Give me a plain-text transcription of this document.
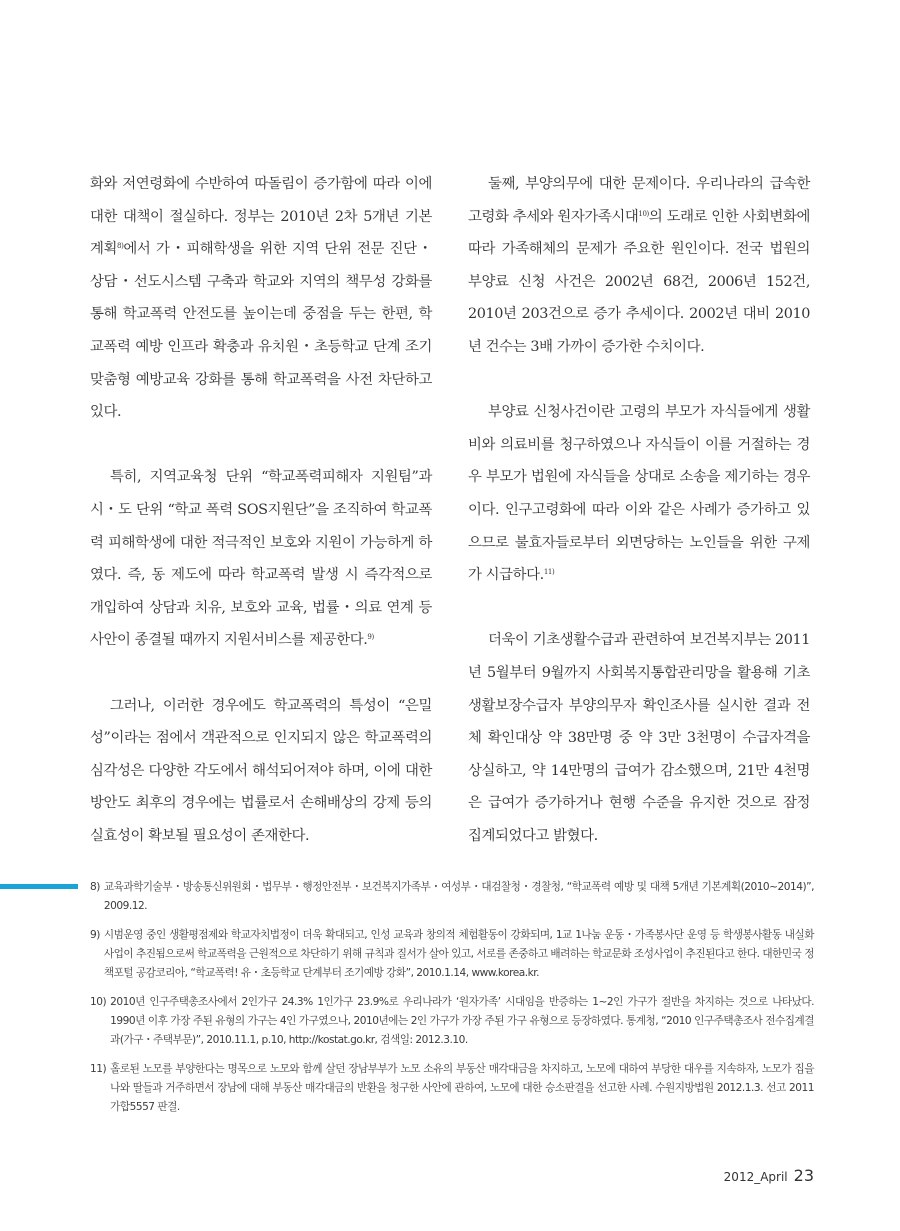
화와 저연령화에 수반하여 따돌림이 증가함에 따라 이에 대한 대책이 절실하다. 정부는 2010년 2차 5개년 기본계획$^{8)}$에서 가・피해학생을 위한 지역 단위 전문 진단・상담・선도시스템 구축과 학교와 지역의 책무성 강화를 통해 학교폭력 안전도를 높이는데 중점을 두는 한편, 학교폭력 예방 인프라 확충과 유치원・초등학교 단계 조기 맞춤형 예방교육 강화를 통해 학교폭력을 사전 차단하고 있다.

특히, 지역교육청 단위 “학교폭력피해자 지원팀”과 시・도 단위 “학교 폭력 SOS지원단”을 조직하여 학교폭력 피해학생에 대한 적극적인 보호와 지원이 가능하게 하였다. 즉, 동 제도에 따라 학교폭력 발생 시 즉각적으로 개입하여 상담과 치유, 보호와 교육, 법률・의료 연계 등 사안이 종결될 때까지 지원서비스를 제공한다.$^{9)}$

그러나, 이러한 경우에도 학교폭력의 특성이 “은밀성”이라는 점에서 객관적으로 인지되지 않은 학교폭력의 심각성은 다양한 각도에서 해석되어져야 하며, 이에 대한 방안도 최후의 경우에는 법률로서 손해배상의 강제 등의 실효성이 확보될 필요성이 존재한다.

둘째, 부양의무에 대한 문제이다. 우리나라의 급속한 고령화 추세와 원자가족시대$^{10)}$의 도래로 인한 사회변화에 따라 가족해체의 문제가 주요한 원인이다. 전국 법원의 부양료 신청 사건은 2002년 68건, 2006년 152건, 2010년 203건으로 증가 추세이다. 2002년 대비 2010년 건수는 3배 가까이 증가한 수치이다.

부양료 신청사건이란 고령의 부모가 자식들에게 생활비와 의료비를 청구하였으나 자식들이 이를 거절하는 경우 부모가 법원에 자식들을 상대로 소송을 제기하는 경우이다. 인구고령화에 따라 이와 같은 사례가 증가하고 있으므로 불효자들로부터 외면당하는 노인들을 위한 구제가 시급하다.$^{11)}$

더욱이 기초생활수급과 관련하여 보건복지부는 2011년 5월부터 9월까지 사회복지통합관리망을 활용해 기초생활보장수급자 부양의무자 확인조사를 실시한 결과 전체 확인대상 약 38만명 중 약 3만 3천명이 수급자격을 상실하고, 약 14만명의 급여가 감소했으며, 21만 4천명은 급여가 증가하거나 현행 수준을 유지한 것으로 잠정 집계되었다고 밝혔다.

8) 교육과학기술부・방송통신위원회・법무부・행정안전부・보건복지가족부・여성부・대검찰청・경찰청, “학교폭력 예방 및 대책 5개년 기본계획(2010~2014)”, 2009.12.
9) 시범운영 중인 생활평점제와 학교자치법정이 더욱 확대되고, 인성 교육과 창의적 체험활동이 강화되며, 1교 1나눔 운동・가족봉사단 운영 등 학생봉사활동 내실화 사업이 추진됨으로써 학교폭력을 근원적으로 차단하기 위해 규칙과 질서가 살아 있고, 서로를 존중하고 배려하는 학교문화 조성사업이 추진된다고 한다. 대한민국 정책포털 공감코리아, “학교폭력! 유・초등학교 단계부터 조기예방 강화”, 2010.1.14, www.korea.kr.
10) 2010년 인구주택총조사에서 2인가구 24.3% 1인가구 23.9%로 우리나라가 ‘원자가족’ 시대임을 반증하는 1~2인 가구가 절반을 차지하는 것으로 나타났다. 1990년 이후 가장 주된 유형의 가구는 4인 가구였으나, 2010년에는 2인 가구가 가장 주된 가구 유형으로 등장하였다. 통계청, “2010 인구주택총조사 전수집계결과(가구・주택부문)”, 2010.11.1, p.10, http://kostat.go.kr, 검색일: 2012.3.10.
11) 홀로된 노모를 부양한다는 명목으로 노모와 함께 살던 장남부부가 노모 소유의 부동산 매각대금을 차지하고, 노모에 대하여 부당한 대우를 지속하자, 노모가 집을 나와 딸들과 거주하면서 장남에 대해 부동산 매각대금의 반환을 청구한 사안에 관하여, 노모에 대한 승소판결을 선고한 사례. 수원지방법원 2012.1.3. 선고 2011가합5557 판결.
2012_April 23
